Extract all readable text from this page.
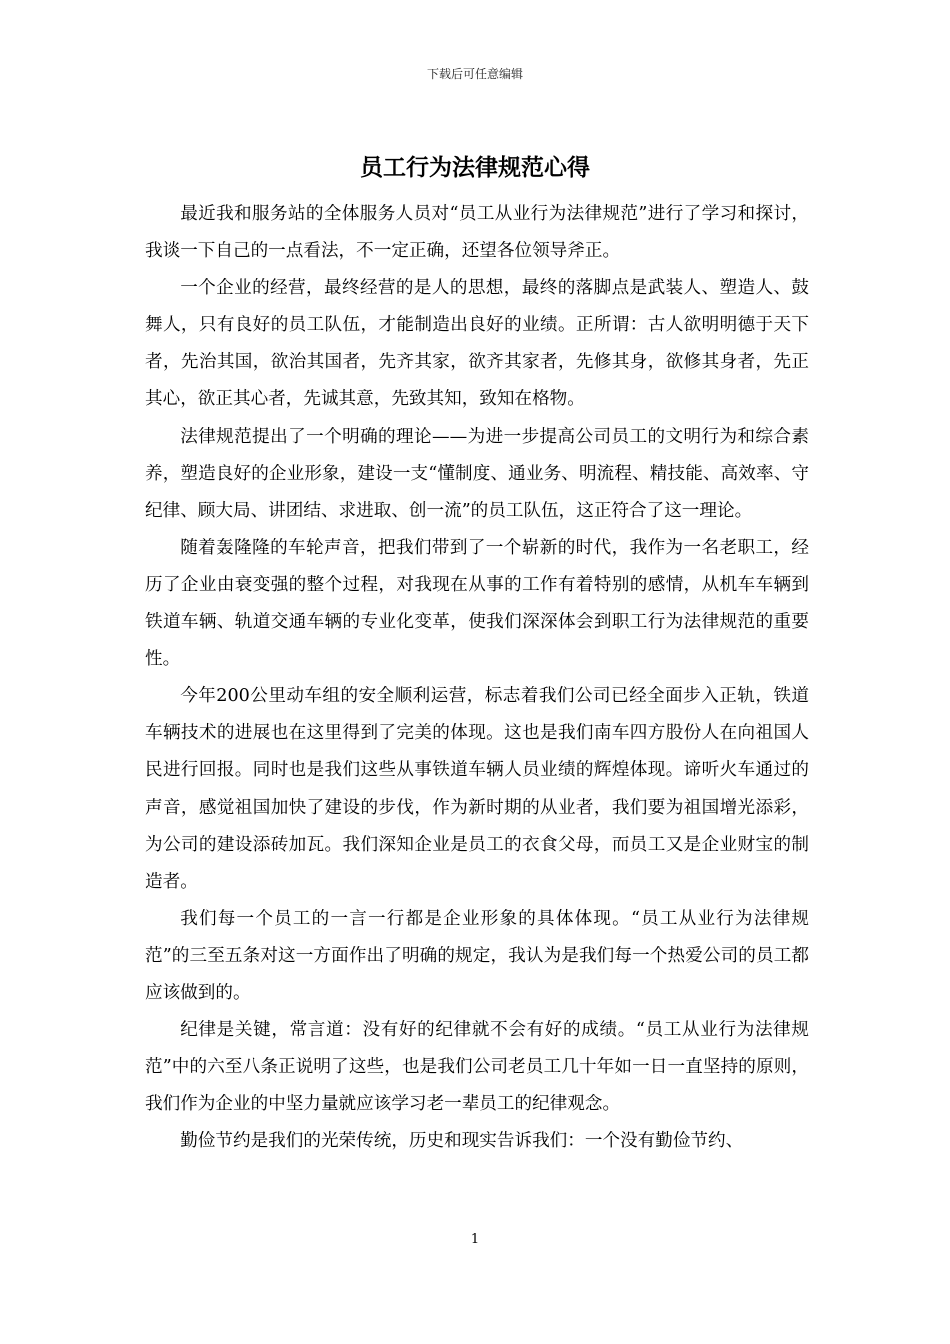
下载后可任意编辑
员工行为法律规范心得

最近我和服务站的全体服务人员对“员工从业行为法律规范”进行了学习和探讨，我谈一下自己的一点看法，不一定正确，还望各位领导斧正。

一个企业的经营，最终经营的是人的思想，最终的落脚点是武装人、塑造人、鼓舞人，只有良好的员工队伍，才能制造出良好的业绩。正所谓：古人欲明明德于天下者，先治其国，欲治其国者，先齐其家，欲齐其家者，先修其身，欲修其身者，先正其心，欲正其心者，先诚其意，先致其知，致知在格物。

法律规范提出了一个明确的理论——为进一步提高公司员工的文明行为和综合素养，塑造良好的企业形象，建设一支“懂制度、通业务、明流程、精技能、高效率、守纪律、顾大局、讲团结、求进取、创一流”的员工队伍，这正符合了这一理论。

随着轰隆隆的车轮声音，把我们带到了一个崭新的时代，我作为一名老职工，经历了企业由衰变强的整个过程，对我现在从事的工作有着特别的感情，从机车车辆到铁道车辆、轨道交通车辆的专业化变革，使我们深深体会到职工行为法律规范的重要性。

今年200公里动车组的安全顺利运营，标志着我们公司已经全面步入正轨，铁道车辆技术的进展也在这里得到了完美的体现。这也是我们南车四方股份人在向祖国人民进行回报。同时也是我们这些从事铁道车辆人员业绩的辉煌体现。谛听火车通过的声音，感觉祖国加快了建设的步伐，作为新时期的从业者，我们要为祖国增光添彩，为公司的建设添砖加瓦。我们深知企业是员工的衣食父母，而员工又是企业财宝的制造者。

我们每一个员工的一言一行都是企业形象的具体体现。“员工从业行为法律规范”的三至五条对这一方面作出了明确的规定，我认为是我们每一个热爱公司的员工都应该做到的。

纪律是关键，常言道：没有好的纪律就不会有好的成绩。“员工从业行为法律规范”中的六至八条正说明了这些，也是我们公司老员工几十年如一日一直坚持的原则，我们作为企业的中坚力量就应该学习老一辈员工的纪律观念。

勤俭节约是我们的光荣传统，历史和现实告诉我们：一个没有勤俭节约、

1
